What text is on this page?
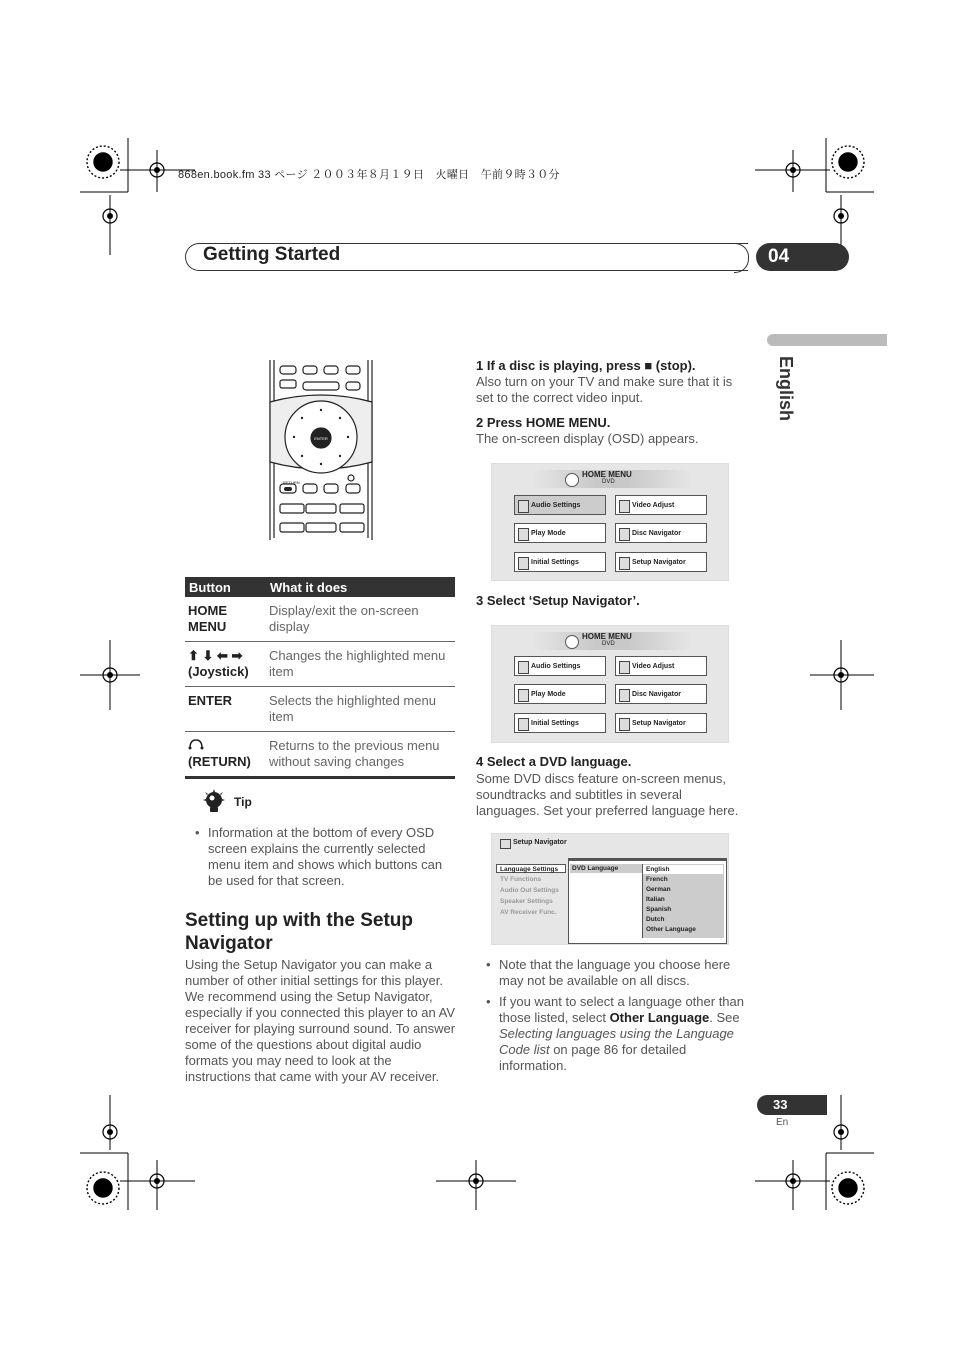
868en.book.fm 33 ページ ２００３年８月１９日　火曜日　午前９時３０分
Getting Started	04
English
ENTER
RETURN
Button	What it does
HOME MENU	Display/exit the on-screen display

⬆ ⬇ ⬅ ➡
(Joystick)	Changes the highlighted menu item
ENTER	Selects the highlighted menu item

(RETURN)	Returns to the previous menu without saving changes
Tip
• Information at the bottom of every OSD screen explains the currently selected menu item and shows which buttons can be used for that screen.
Setting up with the Setup Navigator
Using the Setup Navigator you can make a number of other initial settings for this player. We recommend using the Setup Navigator, especially if you connected this player to an AV receiver for playing surround sound. To answer some of the questions about digital audio formats you may need to look at the instructions that came with your AV receiver.
1 If a disc is playing, press ■ (stop).
Also turn on your TV and make sure that it is set to the correct video input.
2 Press HOME MENU.
The on-screen display (OSD) appears.
HOME MENU
DVD
Audio Settings	Video Adjust
Play Mode	Disc Navigator
Initial Settings	Setup Navigator
3 Select ‘Setup Navigator’.
HOME MENU
DVD
Audio Settings	Video Adjust
Play Mode	Disc Navigator
Initial Settings	Setup Navigator
4 Select a DVD language.
Some DVD discs feature on-screen menus, soundtracks and subtitles in several languages. Set your preferred language here.
Setup Navigator
Language Settings
TV Functions
Audio Out Settings
Speaker Settings
AV Receiver Func.
DVD Language	English
French
German
Italian
Spanish
Dutch
Other Language
• Note that the language you choose here may not be available on all discs.
• If you want to select a language other than those listed, select Other Language. See Selecting languages using the Language Code list on page 86 for detailed information.
33
En
